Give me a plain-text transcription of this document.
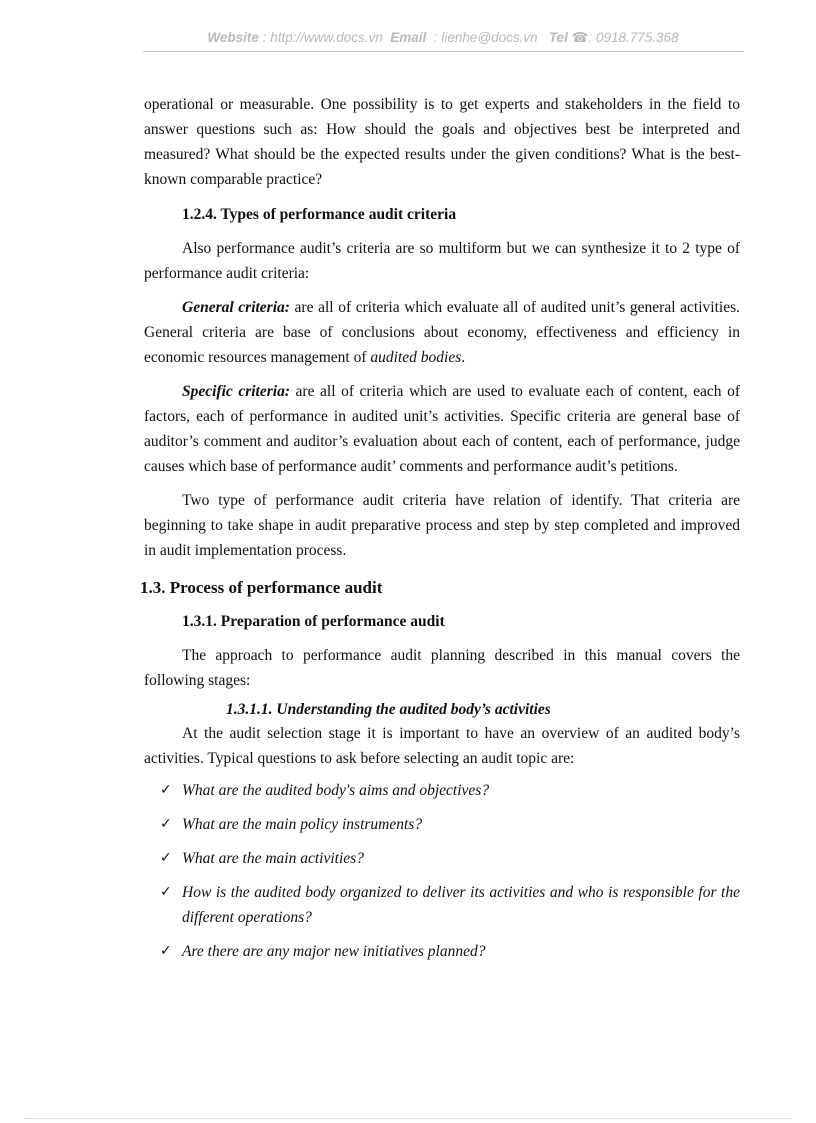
Website : http://www.docs.vn Email : lienhe@docs.vn Tel ☎: 0918.775.368

operational or measurable. One possibility is to get experts and stakeholders in the field to answer questions such as: How should the goals and objectives best be interpreted and measured? What should be the expected results under the given conditions? What is the best-known comparable practice?

1.2.4. Types of performance audit criteria

Also performance audit’s criteria are so multiform but we can synthesize it to 2 type of performance audit criteria:

General criteria: are all of criteria which evaluate all of audited unit’s general activities. General criteria are base of conclusions about economy, effectiveness and efficiency in economic resources management of audited bodies.

Specific criteria: are all of criteria which are used to evaluate each of content, each of factors, each of performance in audited unit’s activities. Specific criteria are general base of auditor’s comment and auditor’s evaluation about each of content, each of performance, judge causes which base of performance audit’ comments and performance audit’s petitions.

Two type of performance audit criteria have relation of identify. That criteria are beginning to take shape in audit preparative process and step by step completed and improved in audit implementation process.

1.3. Process of performance audit
1.3.1. Preparation of performance audit

The approach to performance audit planning described in this manual covers the following stages:

1.3.1.1. Understanding the audited body’s activities

At the audit selection stage it is important to have an overview of an audited body’s activities. Typical questions to ask before selecting an audit topic are:

✓ What are the audited body's aims and objectives?
✓ What are the main policy instruments?
✓ What are the main activities?
✓ How is the audited body organized to deliver its activities and who is responsible for the different operations?
✓ Are there are any major new initiatives planned?
